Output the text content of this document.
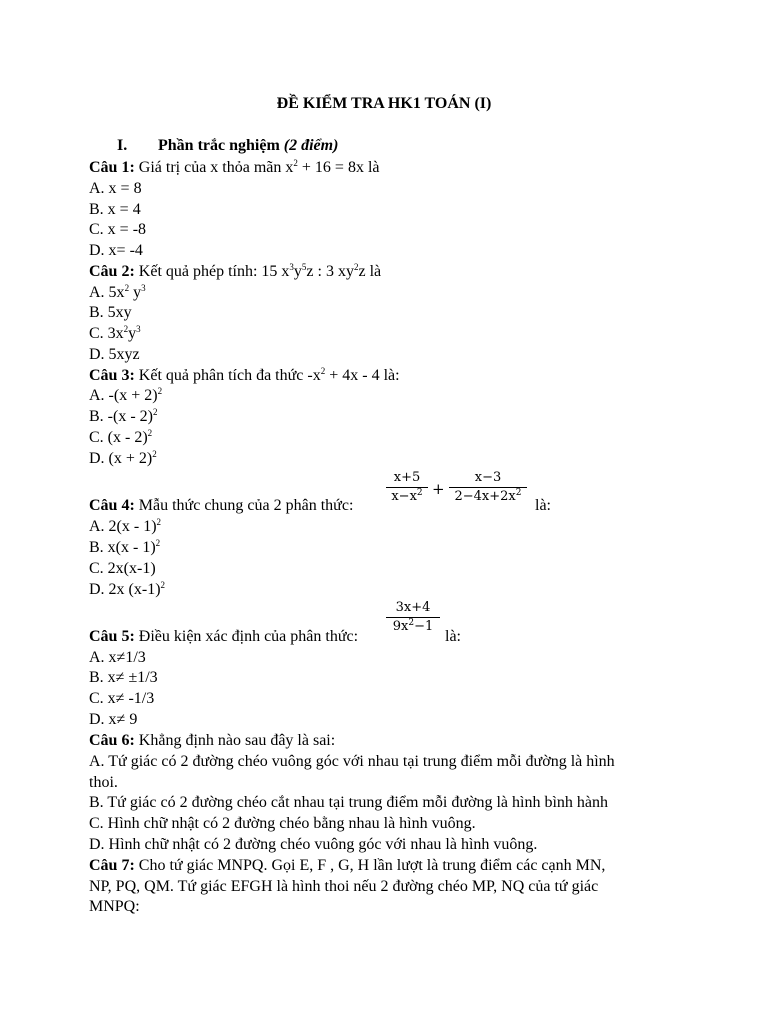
ĐỀ KIỂM TRA HK1 TOÁN (I)
I. Phần trắc nghiệm (2 điểm)
Câu 1: Giá trị của x thỏa mãn $x^2 + 16 = 8x$ là
A. x = 8
B. x = 4
C. x = -8
D. x= -4
Câu 2: Kết quả phép tính: 15 $x^3y^5z$ : 3 $xy^2z$ là
A. $5x^2$ $y^3$
B. 5xy
C. $3x^2y^3$
D. 5xyz
Câu 3: Kết quả phân tích đa thức $-x^2 + 4x - 4$ là:
A. $-(x + 2)^2$
B. -(x - 2)$^2$
C. (x - 2)$^2$
D. $(x + 2)^2$
x+5
$x-x^2$ +
x−3
$2-4x+2x^2$
Câu 4: Mẫu thức chung của 2 phân thức:	là:
A. 2(x - 1)$^2$
B. x(x - 1)$^2$
C. 2x(x-1)
D. 2x $(x-1)^2$
3x+4
$9x^2-1$
Câu 5: Điều kiện xác định của phân thức:	là:
A. x≠1/3
B. x≠ ±1/3
C. x≠ -1/3
D. x≠ 9
Câu 6: Khẳng định nào sau đây là sai:
A. Tứ giác có 2 đường chéo vuông góc với nhau tại trung điểm mỗi đường là hình
thoi.
B. Tứ giác có 2 đường chéo cắt nhau tại trung điểm mỗi đường là hình bình hành
C. Hình chữ nhật có 2 đường chéo bằng nhau là hình vuông.
D. Hình chữ nhật có 2 đường chéo vuông góc với nhau là hình vuông.
Câu 7: Cho tứ giác MNPQ. Gọi E, F , G, H lần lượt là trung điểm các cạnh MN,
NP, PQ, QM. Tứ giác EFGH là hình thoi nếu 2 đường chéo MP, NQ của tứ giác
MNPQ:
